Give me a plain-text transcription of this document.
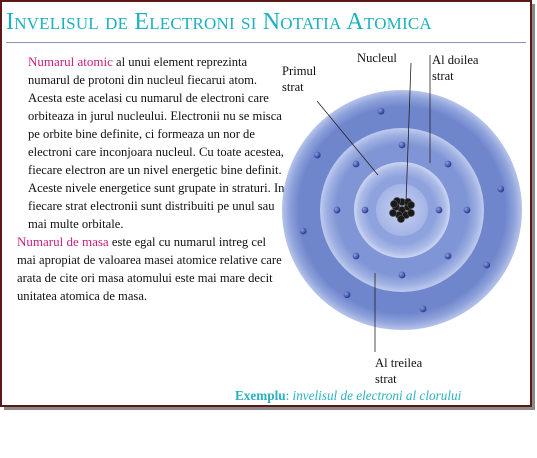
Invelisul de Electroni si Notatia Atomica

Numarul atomic al unui element reprezinta numarul de protoni din nucleul fiecarui atom. Acesta este acelasi cu numarul de electroni care orbiteaza in jurul nucleului. Electronii nu se misca pe orbite bine definite, ci formeaza un nor de electroni care inconjoara nucleul. Cu toate acestea, fiecare electron are un nivel energetic bine definit. Aceste nivele energetice sunt grupate in straturi. In fiecare strat electronii sunt distribuiti pe unul sau mai multe orbitale.

Numarul de masa este egal cu numarul intreg cel mai apropiat de valoarea masei atomice relative care arata de cite ori masa atomului este mai mare decit unitatea atomica de masa.

Nucleul
Primul
strat
Al doilea
strat
Al treilea
strat
Exemplu: invelisul de electroni al clorului
